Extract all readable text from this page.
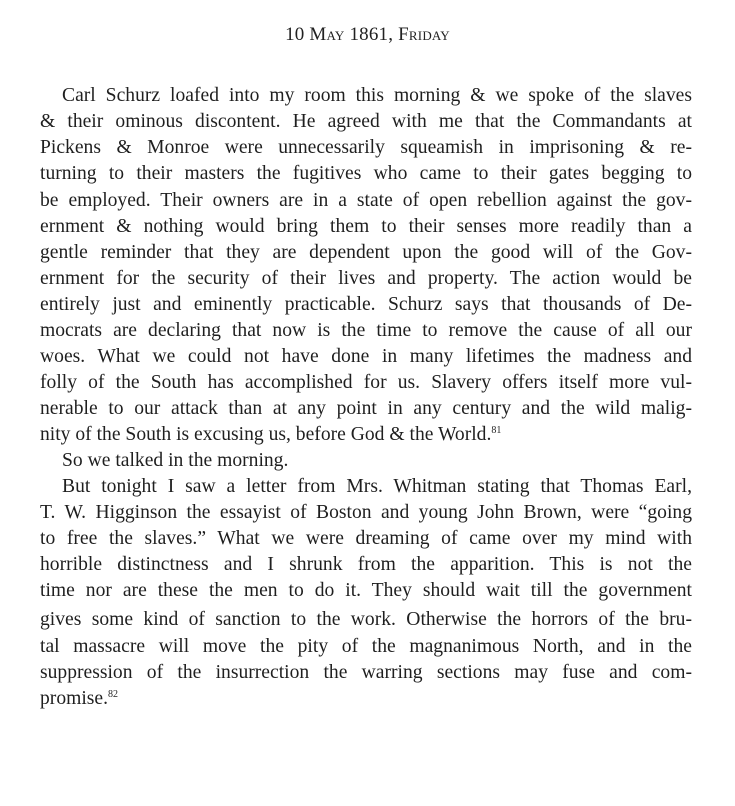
10 May 1861, Friday
Carl Schurz loafed into my room this morning & we spoke of the slaves
& their ominous discontent. He agreed with me that the Commandants at
Pickens & Monroe were unnecessarily squeamish in imprisoning & re-
turning to their masters the fugitives who came to their gates begging to
be employed. Their owners are in a state of open rebellion against the gov-
ernment & nothing would bring them to their senses more readily than a
gentle reminder that they are dependent upon the good will of the Gov-
ernment for the security of their lives and property. The action would be
entirely just and eminently practicable. Schurz says that thousands of De-
mocrats are declaring that now is the time to remove the cause of all our
woes. What we could not have done in many lifetimes the madness and
folly of the South has accomplished for us. Slavery offers itself more vul-
nerable to our attack than at any point in any century and the wild malig-
nity of the South is excusing us, before God & the World.$^{81}$
So we talked in the morning.
But tonight I saw a letter from Mrs. Whitman stating that Thomas Earl,
T. W. Higginson the essayist of Boston and young John Brown, were “going
to free the slaves.” What we were dreaming of came over my mind with
horrible distinctness and I shrunk from the apparition. This is not the
time nor are these the men to do it. They should wait till the government
gives some kind of sanction to the work. Otherwise the horrors of the bru-
tal massacre will move the pity of the magnanimous North, and in the
suppression of the insurrection the warring sections may fuse and com-
promise.$^{82}$
